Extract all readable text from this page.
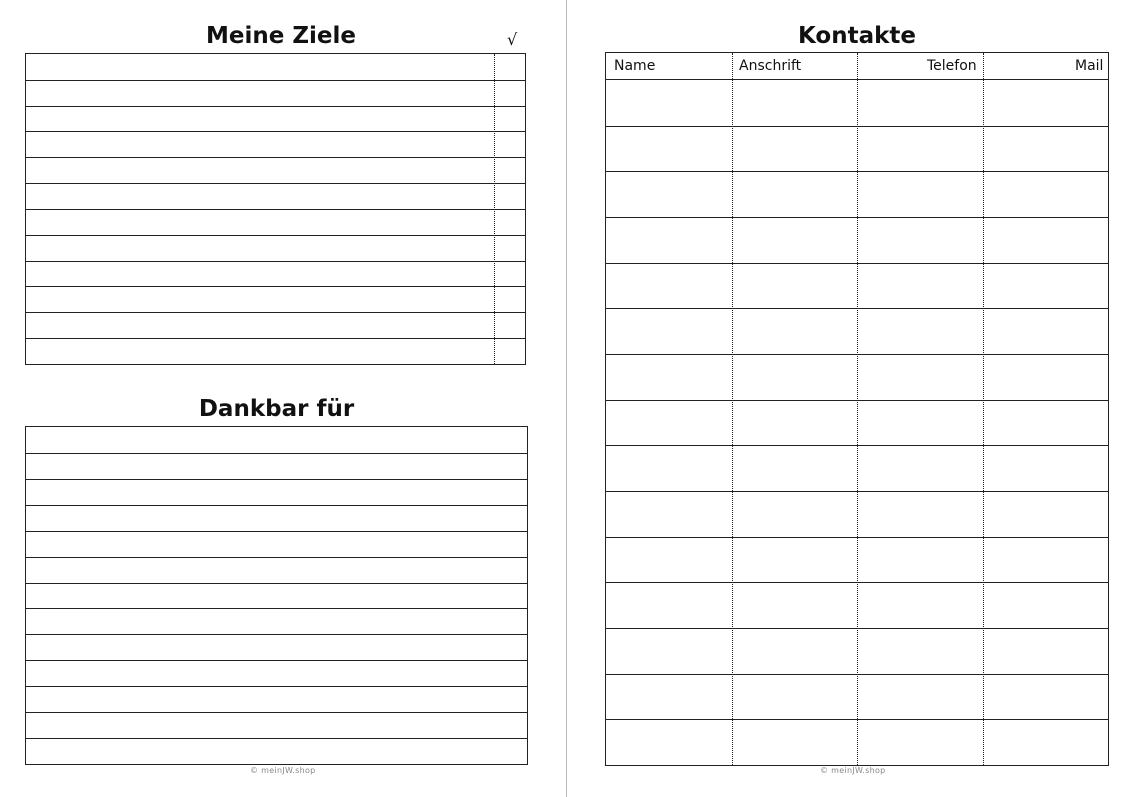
Meine Ziele	√
Dankbar für
© meinJW.shop
Kontakte
Name	Anschrift	Telefon	Mail
© meinJW.shop
